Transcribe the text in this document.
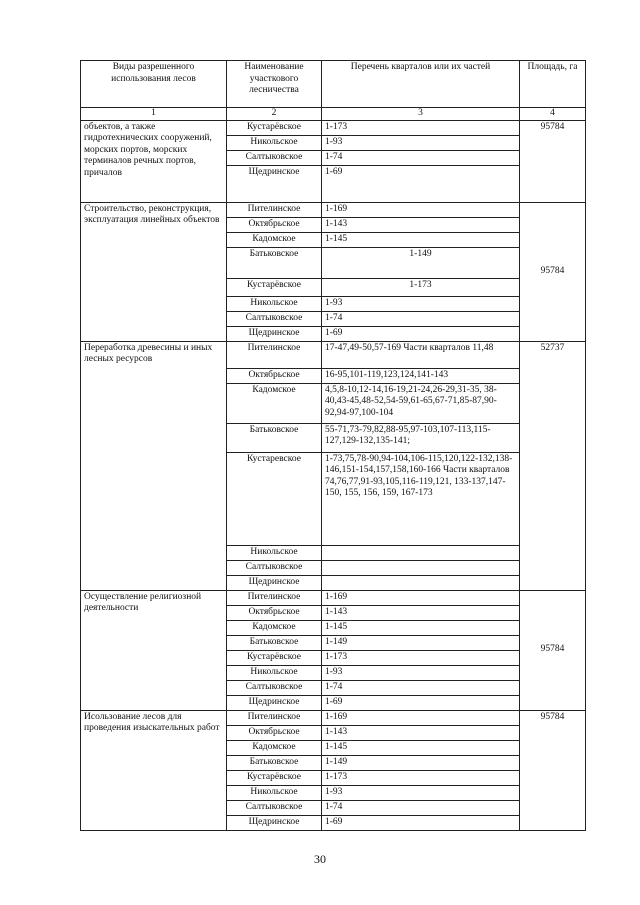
Виды разрешенного использования лесов	Наименование участкового лесничества	Перечень кварталов или их частей	Площадь, га
1	2	3	4
объектов, а также гидротехнических сооружений, морских портов, морских терминалов речных портов, причалов	Кустарёвское	1-173	95784
	Никольское	1-93	
	Салтыковское	1-74	
	Щедринское	1-69	
Строительство, реконструкция, эксплуатация линейных объектов	Пителинское	1-169	95784
	Октябрьское	1-143	
	Кадомское	1-145	
	Батьковское	1-149	
	Кустарёвское	1-173	
	Никольское	1-93	
	Салтыковское	1-74	
	Щедринское	1-69	
Переработка древесины и иных лесных ресурсов	Пителинское	17-47,49-50,57-169 Части кварталов 11,48	52737
	Октябрьское	16-95,101-119,123,124,141-143	
	Кадомское	4,5,8-10,12-14,16-19,21-24,26-29,31-35, 38-40,43-45,48-52,54-59,61-65,67-71,85-87,90-92,94-97,100-104	
	Батьковское	55-71,73-79,82,88-95,97-103,107-113,115-127,129-132,135-141;	
	Кустаревское	1-73,75,78-90,94-104,106-115,120,122-132,138-146,151-154,157,158,160-166 Части кварталов 74,76,77,91-93,105,116-119,121, 133-137,147-150, 155, 156, 159, 167-173	
	Никольское		
	Салтыковское		
	Щедринское		
Осуществление религиозной деятельности	Пителинское	1-169	95784
	Октябрьское	1-143	
	Кадомское	1-145	
	Батьковское	1-149	
	Кустарёвское	1-173	
	Никольское	1-93	
	Салтыковское	1-74	
	Щедринское	1-69	
Исользование лесов для проведения изыскательных работ	Пителинское	1-169	95784
	Октябрьское	1-143	
	Кадомское	1-145	
	Батьковское	1-149	
	Кустарёвское	1-173	
	Никольское	1-93	
	Салтыковское	1-74	
	Щедринское	1-69	
30
